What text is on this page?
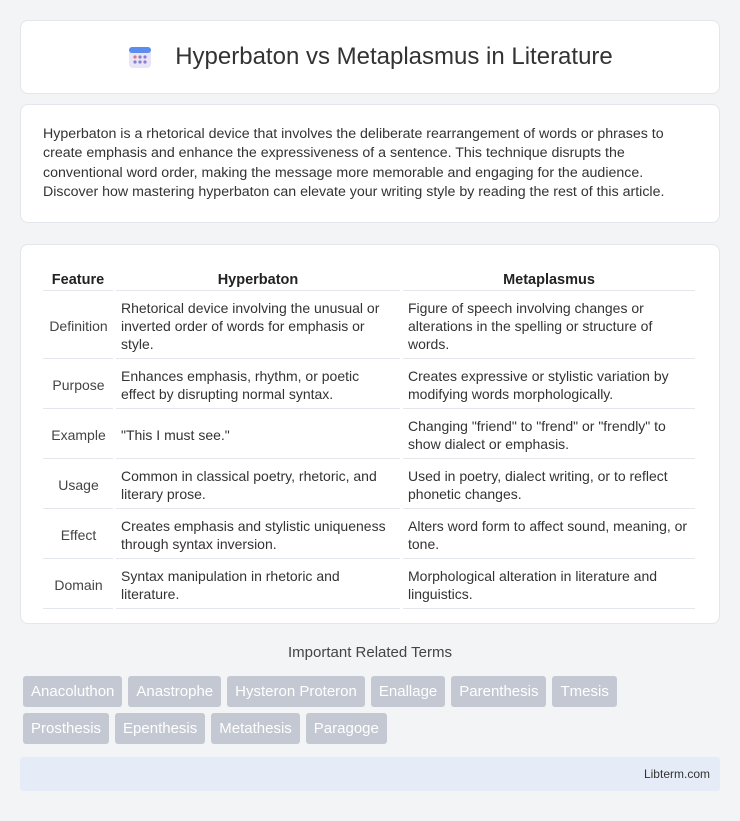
Hyperbaton vs Metaplasmus in Literature

Hyperbaton is a rhetorical device that involves the deliberate rearrangement of words or phrases to create emphasis and enhance the expressiveness of a sentence. This technique disrupts the conventional word order, making the message more memorable and engaging for the audience. Discover how mastering hyperbaton can elevate your writing style by reading the rest of this article.

Feature	Hyperbaton	Metaplasmus
Definition	Rhetorical device involving the unusual or inverted order of words for emphasis or style.	Figure of speech involving changes or alterations in the spelling or structure of words.
Purpose	Enhances emphasis, rhythm, or poetic effect by disrupting normal syntax.	Creates expressive or stylistic variation by modifying words morphologically.
Example	"This I must see."	Changing "friend" to "frend" or "frendly" to show dialect or emphasis.
Usage	Common in classical poetry, rhetoric, and literary prose.	Used in poetry, dialect writing, or to reflect phonetic changes.
Effect	Creates emphasis and stylistic uniqueness through syntax inversion.	Alters word form to affect sound, meaning, or tone.
Domain	Syntax manipulation in rhetoric and literature.	Morphological alteration in literature and linguistics.
Important Related Terms
Anacoluthon	Anastrophe	Hysteron Proteron	Enallage	Parenthesis	Tmesis
Prosthesis	Epenthesis	Metathesis	Paragoge
Libterm.com
